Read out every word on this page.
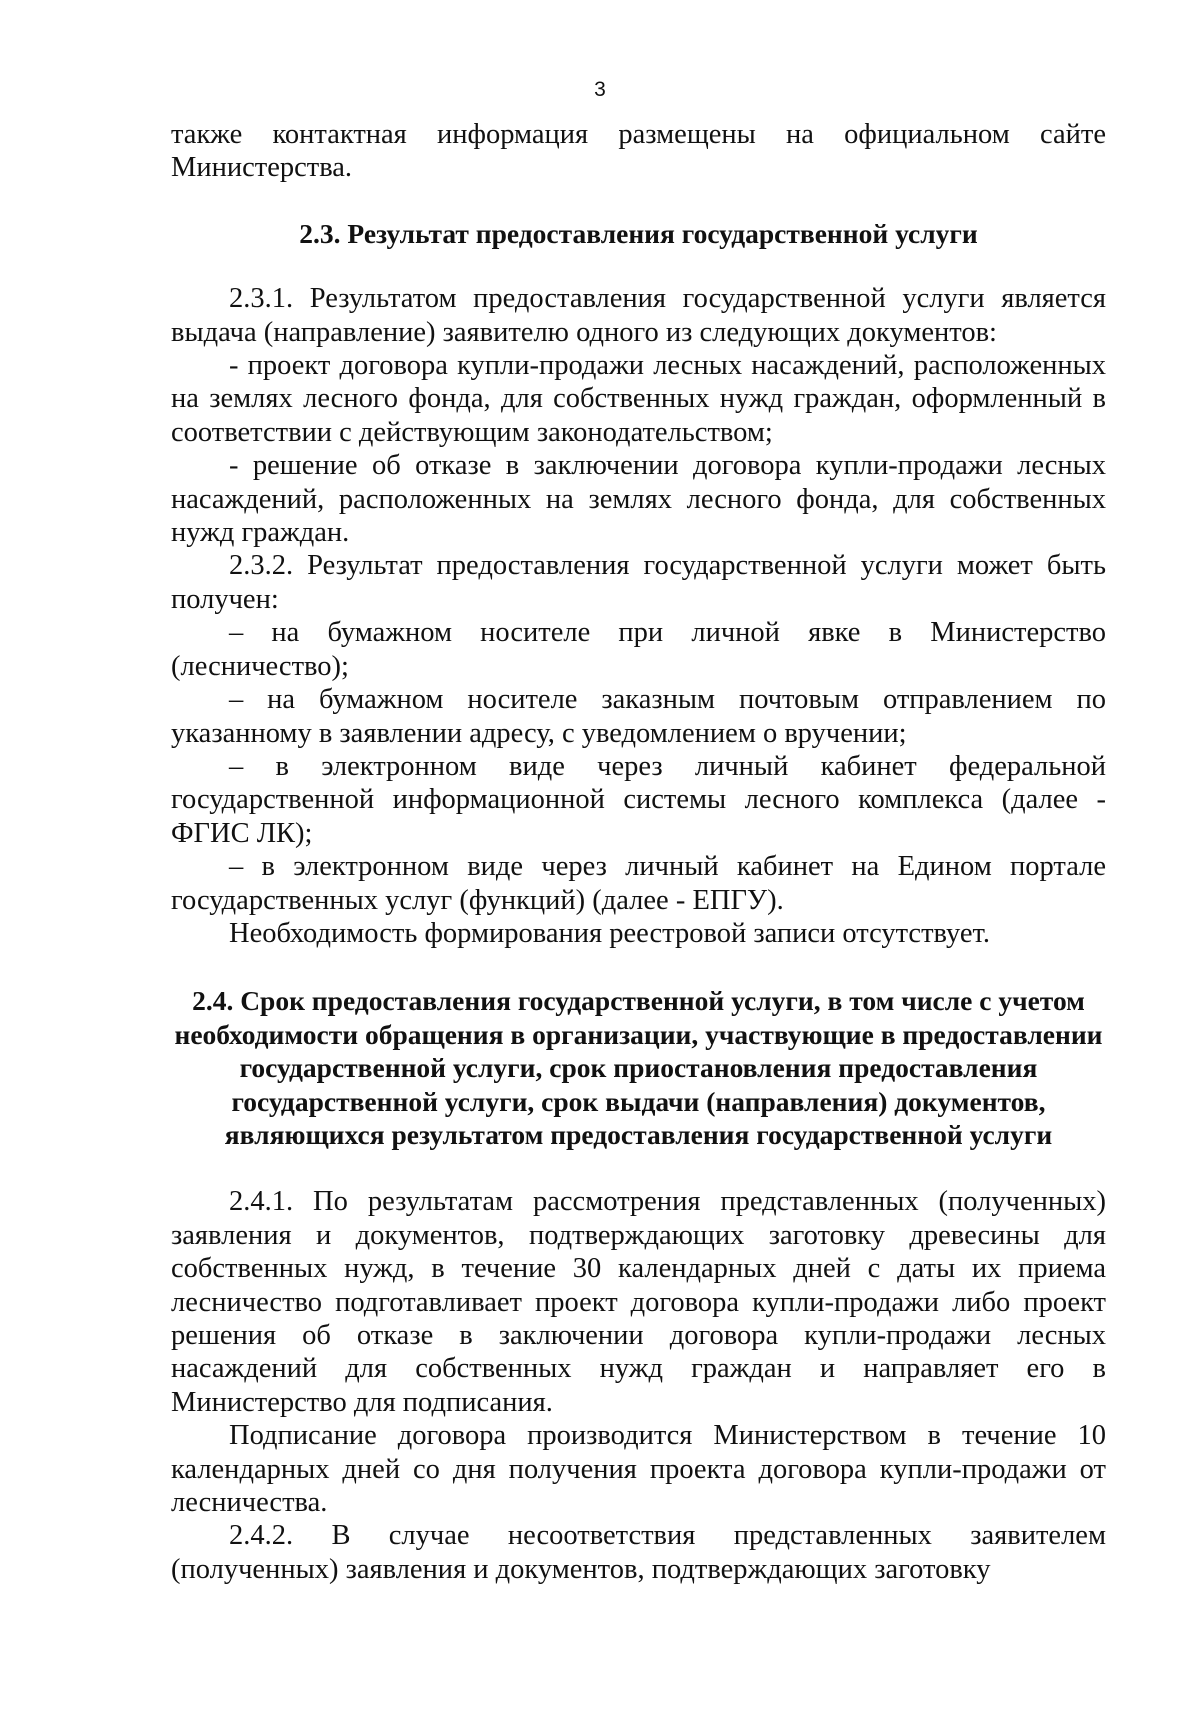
3

также контактная информация размещены на официальном сайте Министерства.

2.3. Результат предоставления государственной услуги

2.3.1. Результатом предоставления государственной услуги является выдача (направление) заявителю одного из следующих документов:

- проект договора купли-продажи лесных насаждений, расположенных на землях лесного фонда, для собственных нужд граждан, оформленный в соответствии с действующим законодательством;

- решение об отказе в заключении договора купли-продажи лесных насаждений, расположенных на землях лесного фонда, для собственных нужд граждан.

2.3.2. Результат предоставления государственной услуги может быть получен:

– на бумажном носителе при личной явке в Министерство (лесничество);

– на бумажном носителе заказным почтовым отправлением по указанному в заявлении адресу, с уведомлением о вручении;

– в электронном виде через личный кабинет федеральной государственной информационной системы лесного комплекса (далее - ФГИС ЛК);

– в электронном виде через личный кабинет на Едином портале государственных услуг (функций) (далее - ЕПГУ).

Необходимость формирования реестровой записи отсутствует.

2.4. Срок предоставления государственной услуги, в том числе с учетом необходимости обращения в организации, участвующие в предоставлении государственной услуги, срок приостановления предоставления государственной услуги, срок выдачи (направления) документов, являющихся результатом предоставления государственной услуги

2.4.1. По результатам рассмотрения представленных (полученных) заявления и документов, подтверждающих заготовку древесины для собственных нужд, в течение 30 календарных дней с даты их приема лесничество подготавливает проект договора купли-продажи либо проект решения об отказе в заключении договора купли-продажи лесных насаждений для собственных нужд граждан и направляет его в Министерство для подписания.

Подписание договора производится Министерством в течение 10 календарных дней со дня получения проекта договора купли-продажи от лесничества.

2.4.2. В случае несоответствия представленных заявителем (полученных) заявления и документов, подтверждающих заготовку
